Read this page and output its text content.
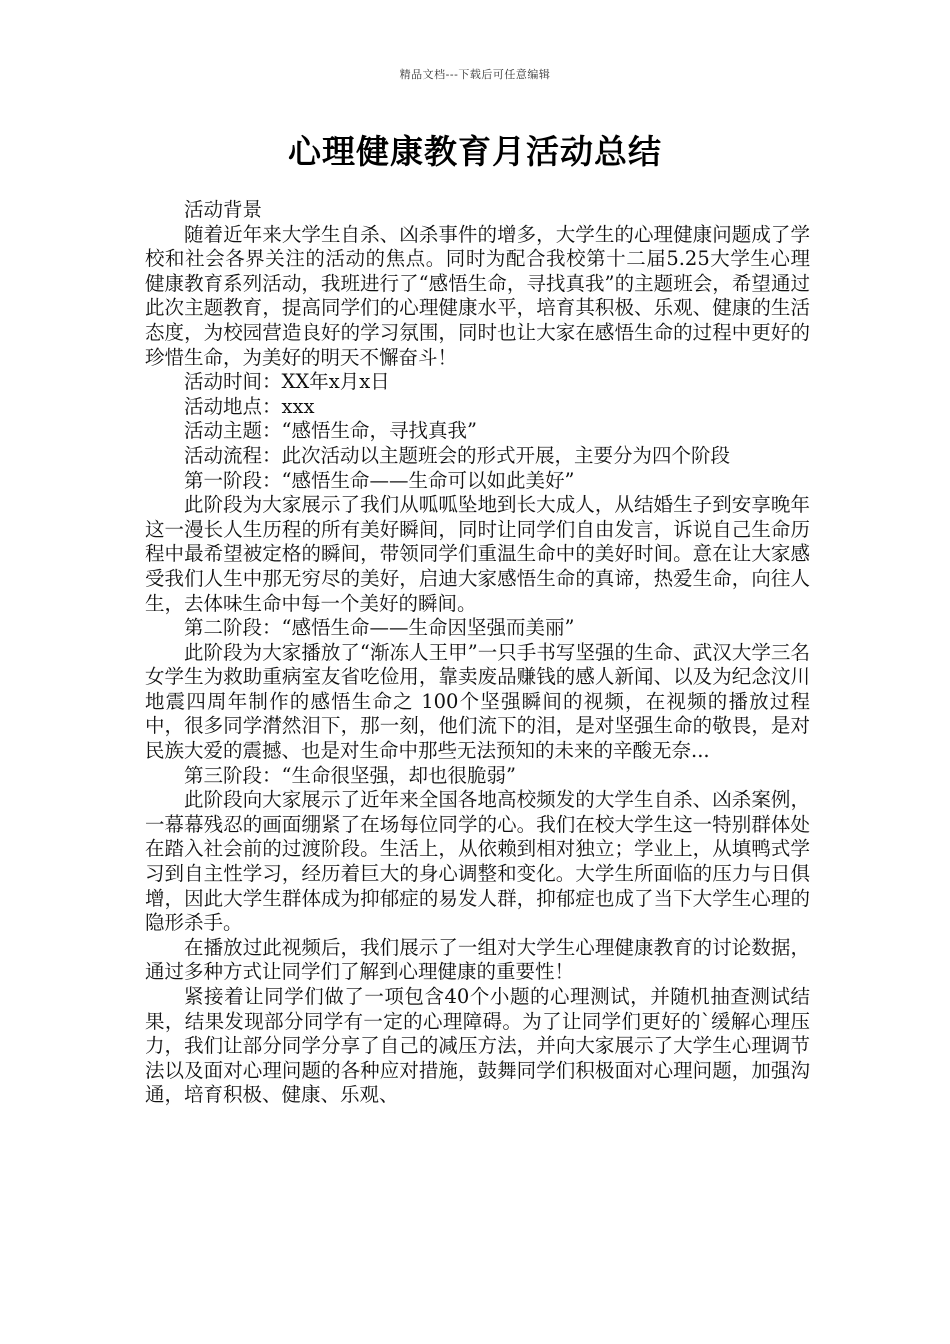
精品文档---下载后可任意编辑
心理健康教育月活动总结

活动背景

随着近年来大学生自杀、凶杀事件的增多，大学生的心理健康问题成了学校和社会各界关注的活动的焦点。同时为配合我校第十二届5.25大学生心理健康教育系列活动，我班进行了“感悟生命，寻找真我”的主题班会，希望通过此次主题教育，提高同学们的心理健康水平，培育其积极、乐观、健康的生活态度，为校园营造良好的学习氛围，同时也让大家在感悟生命的过程中更好的珍惜生命，为美好的明天不懈奋斗！

活动时间：XX年x月x日

活动地点：xxx

活动主题：“感悟生命，寻找真我”

活动流程：此次活动以主题班会的形式开展，主要分为四个阶段

第一阶段：“感悟生命——生命可以如此美好”

此阶段为大家展示了我们从呱呱坠地到长大成人，从结婚生子到安享晚年这一漫长人生历程的所有美好瞬间，同时让同学们自由发言，诉说自己生命历程中最希望被定格的瞬间，带领同学们重温生命中的美好时间。意在让大家感受我们人生中那无穷尽的美好，启迪大家感悟生命的真谛，热爱生命，向往人生，去体味生命中每一个美好的瞬间。

第二阶段：“感悟生命——生命因坚强而美丽”

此阶段为大家播放了“渐冻人王甲”一只手书写坚强的生命、武汉大学三名女学生为救助重病室友省吃俭用，靠卖废品赚钱的感人新闻、以及为纪念汶川地震四周年制作的感悟生命之 100个坚强瞬间的视频，在视频的播放过程中，很多同学潸然泪下，那一刻，他们流下的泪，是对坚强生命的敬畏，是对民族大爱的震撼、也是对生命中那些无法预知的未来的辛酸无奈...

第三阶段：“生命很坚强，却也很脆弱”

此阶段向大家展示了近年来全国各地高校频发的大学生自杀、凶杀案例，一幕幕残忍的画面绷紧了在场每位同学的心。我们在校大学生这一特别群体处在踏入社会前的过渡阶段。生活上，从依赖到相对独立；学业上，从填鸭式学习到自主性学习，经历着巨大的身心调整和变化。大学生所面临的压力与日俱增，因此大学生群体成为抑郁症的易发人群，抑郁症也成了当下大学生心理的隐形杀手。

在播放过此视频后，我们展示了一组对大学生心理健康教育的讨论数据，通过多种方式让同学们了解到心理健康的重要性！

紧接着让同学们做了一项包含40个小题的心理测试，并随机抽查测试结果，结果发现部分同学有一定的心理障碍。为了让同学们更好的`缓解心理压力，我们让部分同学分享了自己的减压方法，并向大家展示了大学生心理调节法以及面对心理问题的各种应对措施，鼓舞同学们积极面对心理问题，加强沟通，培育积极、健康、乐观、
